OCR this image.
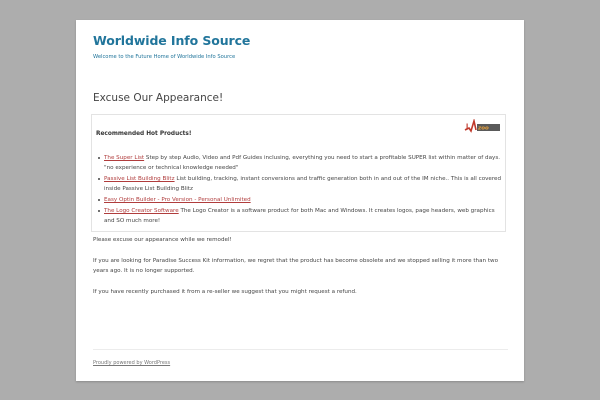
Worldwide Info Source

Welcome to the Future Home of Worldwide Info Source

Excuse Our Appearance!
zoo
J
Recommended Hot Products!
The Super List Step by step Audio, Video and Pdf Guides inclusing, everything you need to start a profitable SUPER list within matter of days. "no experience or technical knowledge needed"
Passive List Building Blitz List building, tracking, instant conversions and traffic generation both in and out of the IM niche.. This is all covered inside Passive List Building Blitz
Easy Optin Builder - Pro Version - Personal Unlimited
The Logo Creator Software The Logo Creator is a software product for both Mac and Windows. It creates logos, page headers, web graphics and SO much more!

Please excuse our appearance while we remodel!

If you are looking for Paradise Success Kit information, we regret that the product has become obsolete and we stopped selling it more than two years ago. It is no longer supported.

If you have recently purchased it from a re-seller we suggest that you might request a refund.

Proudly powered by WordPress
